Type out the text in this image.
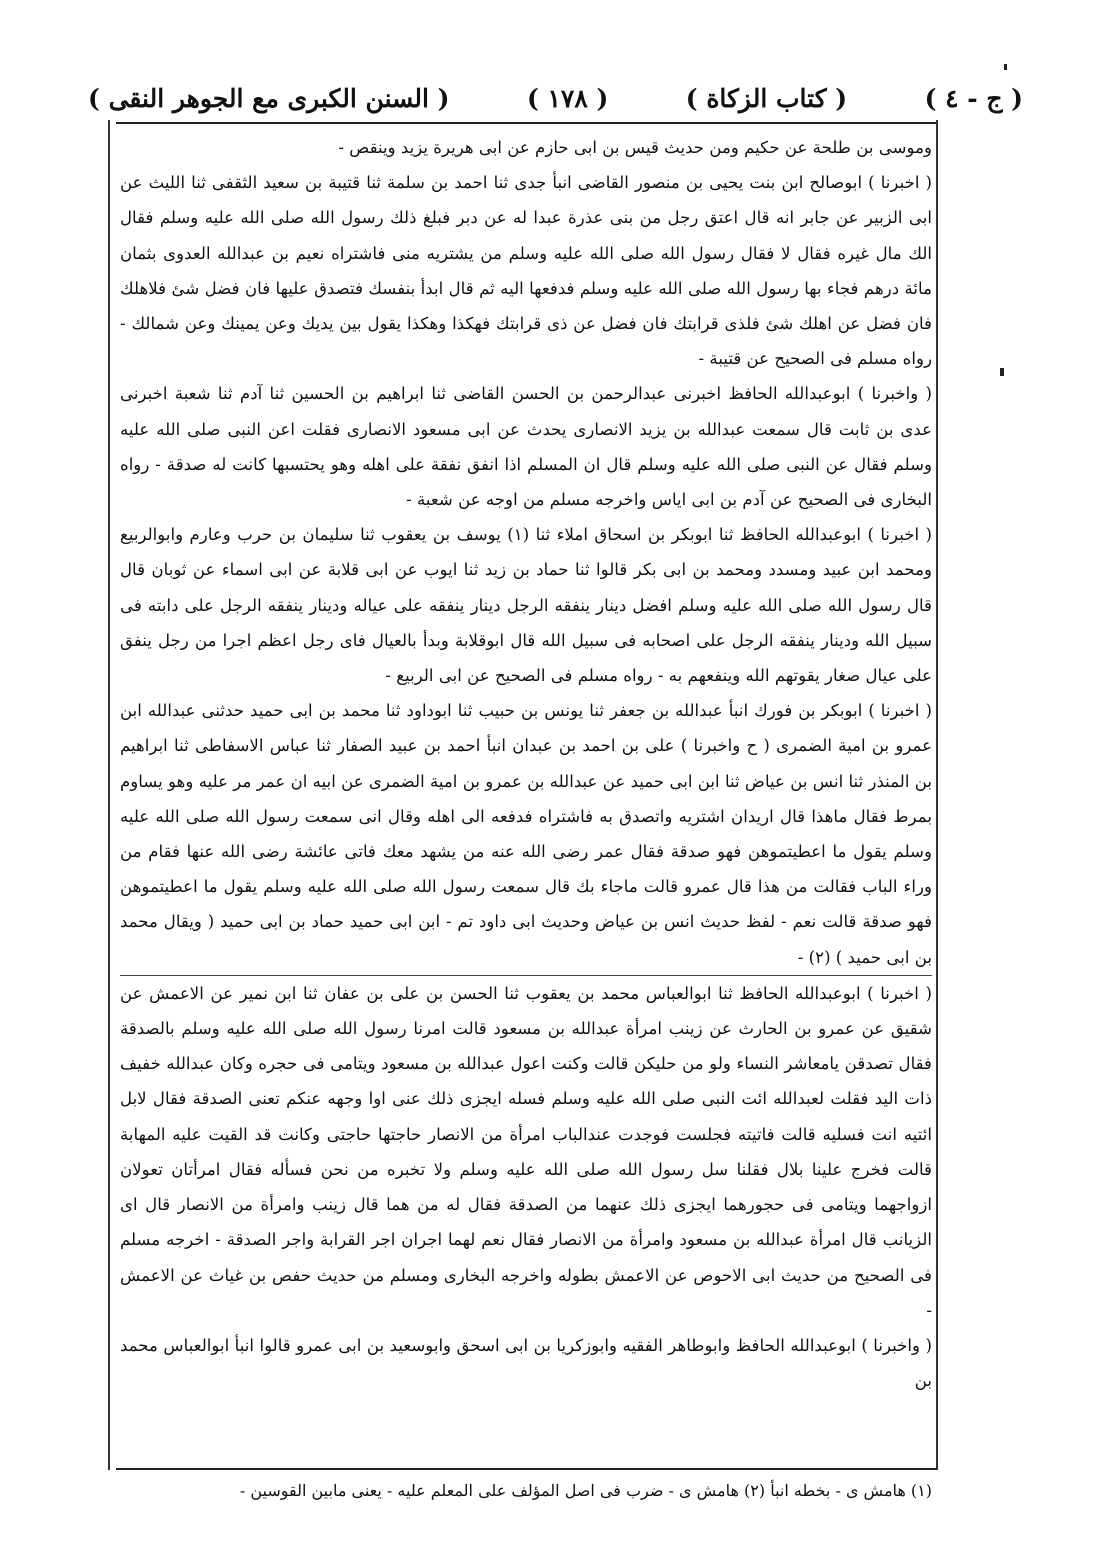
( السنن الكبرى مع الجوهر النقى )	( ١٧٨ )	( كتاب الزكاة )	( ج - ٤ )

وموسى بن طلحة عن حكيم ومن حديث قيس بن ابى حازم عن ابى هريرة يزيد وينقص -

( اخبرنا ) ابوصالح ابن بنت يحيى بن منصور القاضى انبأ جدى ثنا احمد بن سلمة ثنا قتيبة بن سعيد الثقفى ثنا الليث عن ابى الزبير عن جابر انه قال اعتق رجل من بنى عذرة عبدا له عن دبر فبلغ ذلك رسول الله صلى الله عليه وسلم فقال الك مال غيره فقال لا فقال رسول الله صلى الله عليه وسلم من يشتريه منى فاشتراه نعيم بن عبدالله العدوى بثمان مائة درهم فجاء بها رسول الله صلى الله عليه وسلم فدفعها اليه ثم قال ابدأ بنفسك فتصدق عليها فان فضل شئ فلاهلك فان فضل عن اهلك شئ فلذى قرابتك فان فضل عن ذى قرابتك فهكذا وهكذا يقول بين يديك وعن يمينك وعن شمالك - رواه مسلم فى الصحيح عن قتيبة -

( واخبرنا ) ابوعبدالله الحافظ اخبرنى عبدالرحمن بن الحسن القاضى ثنا ابراهيم بن الحسين ثنا آدم ثنا شعبة اخبرنى عدى بن ثابت قال سمعت عبدالله بن يزيد الانصارى يحدث عن ابى مسعود الانصارى فقلت اعن النبى صلى الله عليه وسلم فقال عن النبى صلى الله عليه وسلم قال ان المسلم اذا انفق نفقة على اهله وهو يحتسبها كانت له صدقة - رواه البخارى فى الصحيح عن آدم بن ابى اياس واخرجه مسلم من اوجه عن شعبة -

( اخبرنا ) ابوعبدالله الحافظ ثنا ابوبكر بن اسحاق املاء ثنا (١) يوسف بن يعقوب ثنا سليمان بن حرب وعارم وابوالربيع ومحمد ابن عبيد ومسدد ومحمد بن ابى بكر قالوا ثنا حماد بن زيد ثنا ايوب عن ابى قلابة عن ابى اسماء عن ثوبان قال قال رسول الله صلى الله عليه وسلم افضل دينار ينفقه الرجل دينار ينفقه على عياله ودينار ينفقه الرجل على دابته فى سبيل الله ودينار ينفقه الرجل على اصحابه فى سبيل الله قال ابوقلابة وبدأ بالعيال فاى رجل اعظم اجرا من رجل ينفق على عيال صغار يقوتهم الله وينفعهم به - رواه مسلم فى الصحيح عن ابى الربيع -

( اخبرنا ) ابوبكر بن فورك انبأ عبدالله بن جعفر ثنا يونس بن حبيب ثنا ابوداود ثنا محمد بن ابى حميد حدثنى عبدالله ابن عمرو بن امية الضمرى ( ح واخبرنا ) على بن احمد بن عبدان انبأ احمد بن عبيد الصفار ثنا عباس الاسفاطى ثنا ابراهيم بن المنذر ثنا انس بن عياض ثنا ابن ابى حميد عن عبدالله بن عمرو بن امية الضمرى عن ابيه ان عمر مر عليه وهو يساوم بمرط فقال ماهذا قال اريدان اشتريه واتصدق به فاشتراه فدفعه الى اهله وقال انى سمعت رسول الله صلى الله عليه وسلم يقول ما اعطيتموهن فهو صدقة فقال عمر رضى الله عنه من يشهد معك فاتى عائشة رضى الله عنها فقام من وراء الباب فقالت من هذا قال عمرو قالت ماجاء بك قال سمعت رسول الله صلى الله عليه وسلم يقول ما اعطيتموهن فهو صدقة قالت نعم - لفظ حديث انس بن عياض وحديث ابى داود تم - ابن ابى حميد حماد بن ابى حميد ( ويقال محمد بن ابى حميد ) (٢) -

( اخبرنا ) ابوعبدالله الحافظ ثنا ابوالعباس محمد بن يعقوب ثنا الحسن بن على بن عفان ثنا ابن نمير عن الاعمش عن شقيق عن عمرو بن الحارث عن زينب امرأة عبدالله بن مسعود قالت امرنا رسول الله صلى الله عليه وسلم بالصدقة فقال تصدقن يامعاشر النساء ولو من حليكن قالت وكنت اعول عبدالله بن مسعود ويتامى فى حجره وكان عبدالله خفيف ذات اليد فقلت لعبدالله ائت النبى صلى الله عليه وسلم فسله ايجزى ذلك عنى اوا وجهه عنكم تعنى الصدقة فقال لابل ائتيه انت فسليه قالت فاتيته فجلست فوجدت عندالباب امرأة من الانصار حاجتها حاجتى وكانت قد القيت عليه المهابة قالت فخرج علينا بلال فقلنا سل رسول الله صلى الله عليه وسلم ولا تخبره من نحن فسأله فقال امرأتان تعولان ازواجهما ويتامى فى حجورهما ايجزى ذلك عنهما من الصدقة فقال له من هما قال زينب وامرأة من الانصار قال اى الزيانب قال امرأة عبدالله بن مسعود وامرأة من الانصار فقال نعم لهما اجران اجر القرابة واجر الصدقة - اخرجه مسلم فى الصحيح من حديث ابى الاحوص عن الاعمش بطوله واخرجه البخارى ومسلم من حديث حفص بن غياث عن الاعمش -

( واخبرنا ) ابوعبدالله الحافظ وابوطاهر الفقيه وابوزكريا بن ابى اسحق وابوسعيد بن ابى عمرو قالوا انبأ ابوالعباس محمد بن

(١) هامش ى - بخطه انبأ (٢) هامش ى - ضرب فى اصل المؤلف على المعلم عليه - يعنى مابين القوسين -
